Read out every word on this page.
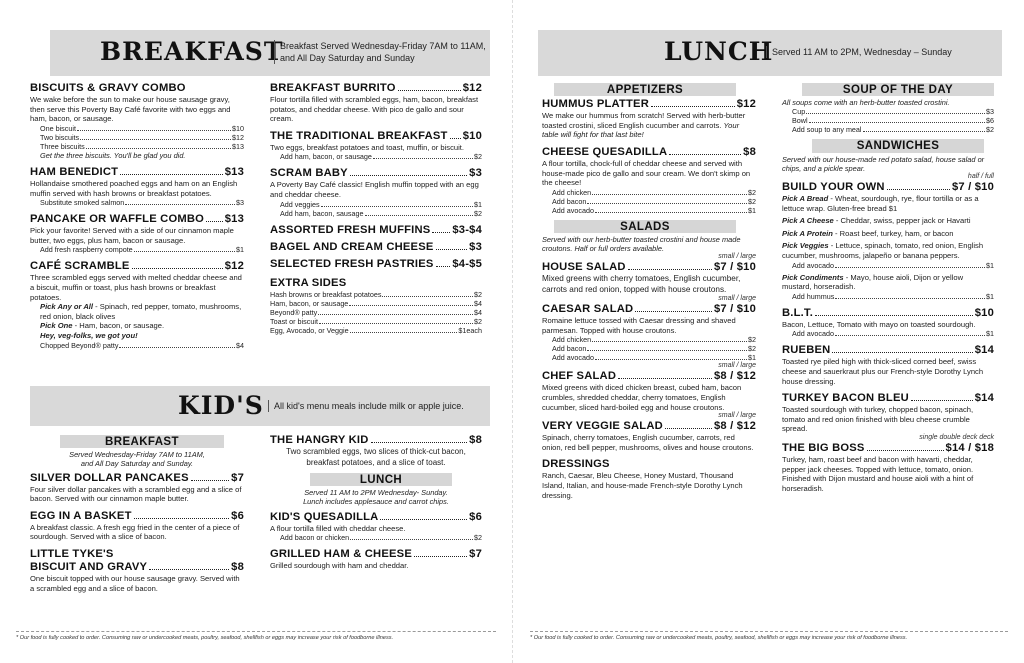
BREAKFAST
Breakfast Served Wednesday-Friday 7AM to 11AM,
and All Day Saturday and Sunday
BISCUITS & GRAVY COMBO
We wake before the sun to make our house sausage gravy, then serve this Poverty Bay Café favorite with two eggs and ham, bacon, or sausage.
One biscuit	$10
Two biscuits	$12
Three biscuits	$13
Get the three biscuits. You'll be glad you did.
HAM BENEDICT	$13
Hollandaise smothered poached eggs and ham on an English muffin served with hash browns or breakfast potatoes.
Substitute smoked salmon	$3
PANCAKE OR WAFFLE COMBO $13
Pick your favorite! Served with a side of our cinnamon maple butter, two eggs, plus ham, bacon or sausage.
Add fresh raspberry compote	$1
CAFÉ SCRAMBLE	$12
Three scrambled eggs served with melted cheddar cheese and a biscuit, muffin or toast, plus hash browns or breakfast potatoes.
Pick Any or All - Spinach, red pepper, tomato, mushrooms, red onion, black olives
Pick One - Ham, bacon, or sausage.
Hey, veg-folks, we got you!
Chopped Beyond® patty	$4
BREAKFAST BURRITO	$12
Flour tortilla filled with scrambled eggs, ham, bacon, breakfast potatos, and cheddar cheese. With pico de gallo and sour cream.
THE TRADITIONAL BREAKFAST $10
Two eggs, breakfast potatoes and toast, muffin, or biscuit.
Add ham, bacon, or sausage	$2
SCRAM BABY	$3
A Poverty Bay Café classic! English muffin topped with an egg and cheddar cheese.
Add veggies	$1
Add ham, bacon, sausage	$2
ASSORTED FRESH MUFFINS $3-$4
BAGEL AND CREAM CHEESE	$3
SELECTED FRESH PASTRIES $4-$5
EXTRA SIDES
Hash browns or breakfast potatoes	$2
Ham, bacon, or sausage	$4
Beyond® patty	$4
Toast or biscuit	$2
Egg, Avocado, or Veggie	$1each
KID'S	All kid's menu meals include milk or apple juice.
BREAKFAST
Served Wednesday-Friday 7AM to 11AM,
and All Day Saturday and Sunday.
SILVER DOLLAR PANCAKES	$7
Four silver dollar pancakes with a scrambled egg and a slice of bacon. Served with our cinnamon maple butter.
EGG IN A BASKET	$6
A breakfast classic. A fresh egg fried in the center of a piece of sourdough. Served with a slice of bacon.
LITTLE TYKE'S
BISCUIT AND GRAVY	$8
One biscuit topped with our house sausage gravy. Served with a scrambled egg and a slice of bacon.
THE HANGRY KID	$8
Two scrambled eggs, two slices of thick-cut bacon, breakfast potatoes, and a slice of toast.
LUNCH
Served 11 AM to 2PM Wednesday- Sunday.
Lunch includes applesauce and carrot chips.
KID'S QUESADILLA	$6
A flour tortilla filled with cheddar cheese.
Add bacon or chicken	$2
GRILLED HAM & CHEESE	$7
Grilled sourdough with ham and cheddar.
* Our food is fully cooked to order. Consuming raw or undercooked meats, poultry, seafood, shellfish or eggs may increase your risk of foodborne illness.
LUNCH
Served 11 AM to 2PM, Wednesday – Sunday
APPETIZERS
HUMMUS PLATTER	$12
We make our hummus from scratch! Served with herb-butter toasted crostini, sliced English cucumber and carrots. Your table will fight for that last bite!
CHEESE QUESADILLA	$8
A flour tortilla, chock-full of cheddar cheese and served with house-made pico de gallo and sour cream. We don't skimp on the cheese!
Add chicken	$2
Add bacon	$2
Add avocado	$1
SALADS
Served with our herb-butter toasted crostini and house made croutons. Half or full orders available.
small / large
HOUSE SALAD	$7 / $10
Mixed greens with cherry tomatoes, English cucumber, carrots and red onion, topped with house croutons.
small / large
CAESAR SALAD	$7 / $10
Romaine lettuce tossed with Caesar dressing and shaved parmesan. Topped with house croutons.
Add chicken	$2
Add bacon	$2
Add avocado	$1
small / large
CHEF SALAD	$8 / $12
Mixed greens with diced chicken breast, cubed ham, bacon crumbles, shredded cheddar, cherry tomatoes, English cucumber, sliced hard-boiled egg and house croutons.
small / large
VERY VEGGIE SALAD	$8 / $12
Spinach, cherry tomatoes, English cucumber, carrots, red onion, red bell pepper, mushrooms, olives and house croutons.
DRESSINGS
Ranch, Caesar, Bleu Cheese, Honey Mustard, Thousand Island, Italian, and house-made French-style Dorothy Lynch dressing.
SOUP OF THE DAY
All soups come with an herb-butter toasted crostini.
Cup	$3
Bowl	$6
Add soup to any meal	$2
SANDWICHES
Served with our house-made red potato salad, house salad or chips, and a pickle spear.
half / full
BUILD YOUR OWN	$7 / $10
Pick A Bread - Wheat, sourdough, rye, flour tortilla or as a lettuce wrap. Gluten-free bread $1
Pick A Cheese - Cheddar, swiss, pepper jack or Havarti
Pick A Protein - Roast beef, turkey, ham, or bacon
Pick Veggies - Lettuce, spinach, tomato, red onion, English cucumber, mushrooms, jalapeño or banana peppers.
Add avocado	$1
Pick Condiments - Mayo, house aioli, Dijon or yellow mustard, horseradish.
Add hummus	$1
B.L.T.	$10
Bacon, Lettuce, Tomato with mayo on toasted sourdough.
Add avocado	$1
RUEBEN	$14
Toasted rye piled high with thick-sliced corned beef, swiss cheese and sauerkraut plus our French-style Dorothy Lynch house dressing.
TURKEY BACON BLEU	$14
Toasted sourdough with turkey, chopped bacon, spinach, tomato and red onion finished with bleu cheese crumble spread.
single double deck deck
THE BIG BOSS	$14 / $18
Turkey, ham, roast beef and bacon with havarti, cheddar, pepper jack cheeses. Topped with lettuce, tomato, onion. Finished with Dijon mustard and house aioli with a hint of horseradish.
* Our food is fully cooked to order. Consuming raw or undercooked meats, poultry, seafood, shellfish or eggs may increase your risk of foodborne illness.
